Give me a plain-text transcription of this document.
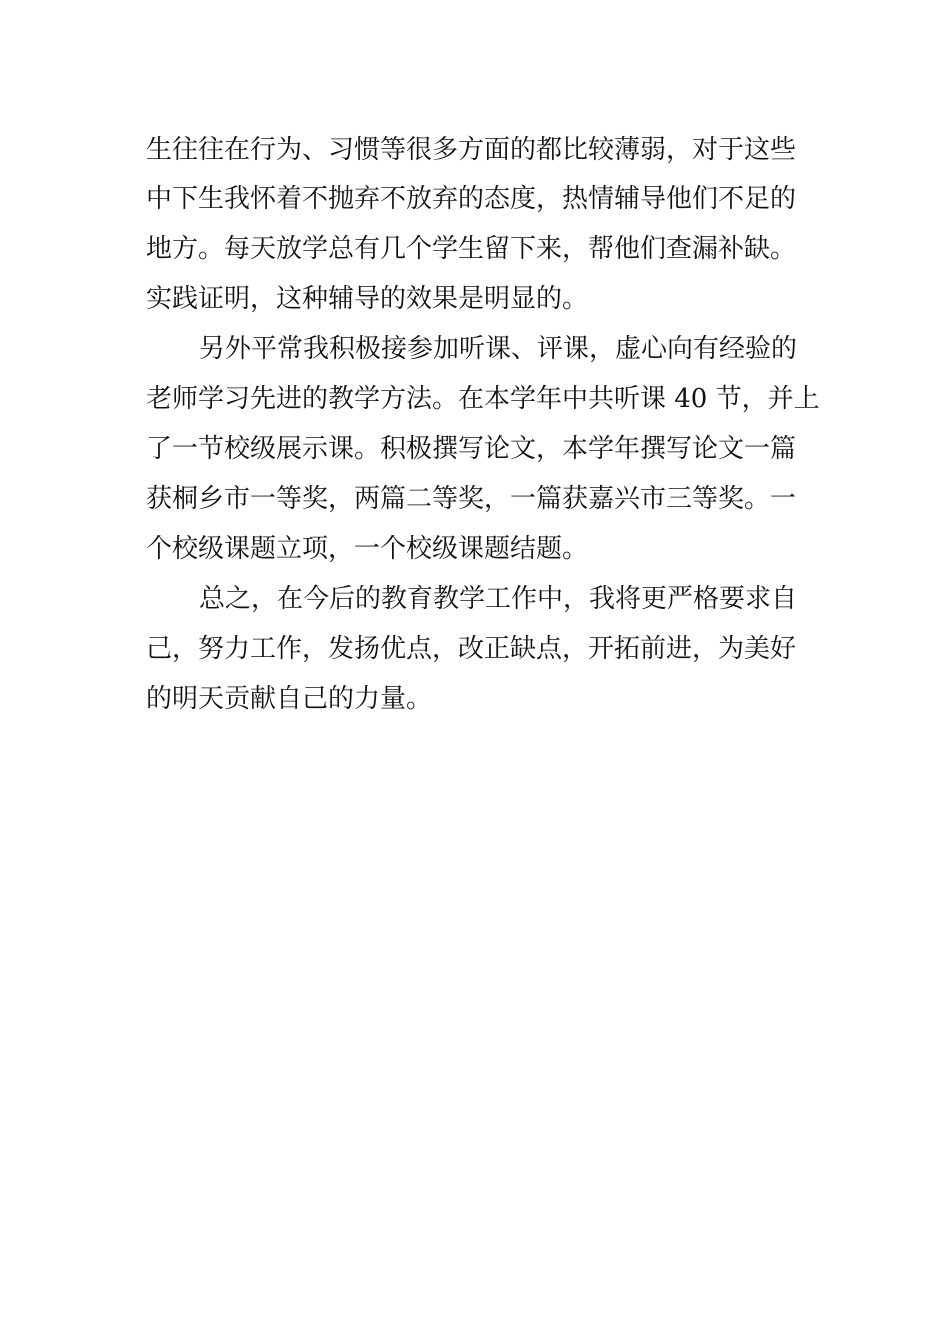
生往往在行为、习惯等很多方面的都比较薄弱，对于这些
中下生我怀着不抛弃不放弃的态度，热情辅导他们不足的
地方。每天放学总有几个学生留下来，帮他们查漏补缺。
实践证明，这种辅导的效果是明显的。
另外平常我积极接参加听课、评课，虚心向有经验的
老师学习先进的教学方法。在本学年中共听课 40 节，并上
了一节校级展示课。积极撰写论文，本学年撰写论文一篇
获桐乡市一等奖，两篇二等奖，一篇获嘉兴市三等奖。一
个校级课题立项，一个校级课题结题。
总之，在今后的教育教学工作中，我将更严格要求自
己，努力工作，发扬优点，改正缺点，开拓前进，为美好
的明天贡献自己的力量。
